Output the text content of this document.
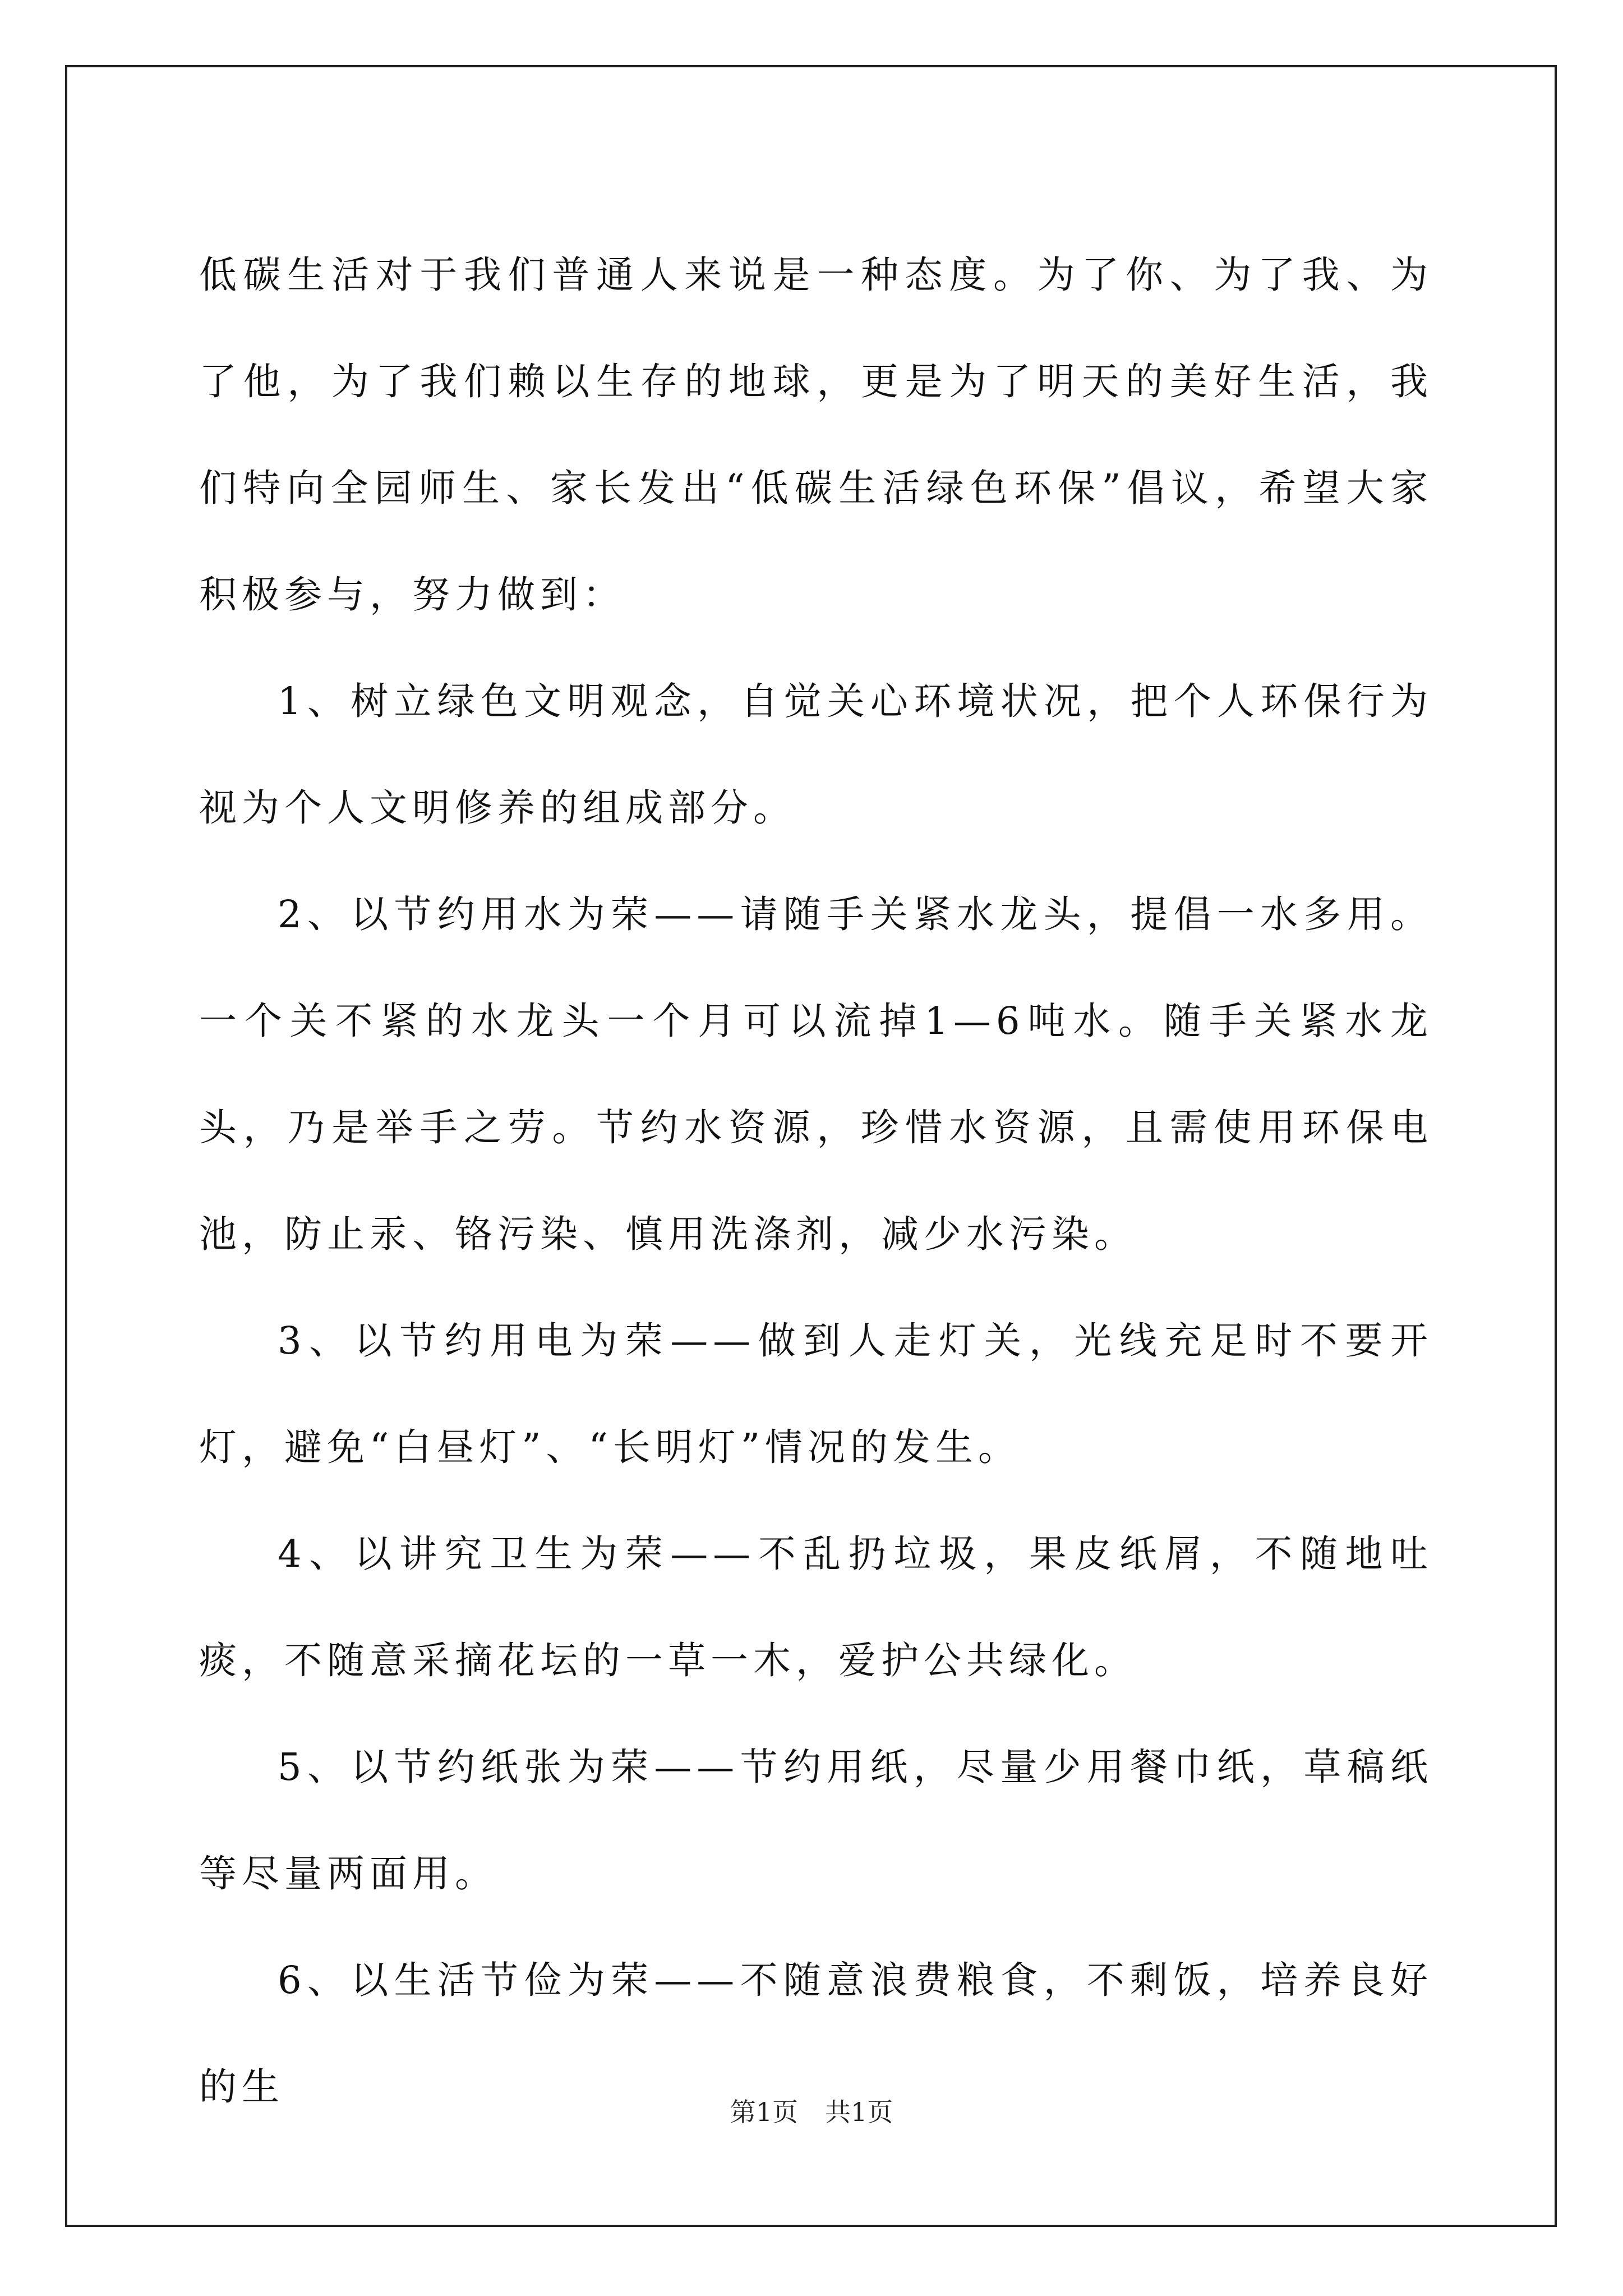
低碳生活对于我们普通人来说是一种态度。为了你、为了我、为了他，为了我们赖以生存的地球，更是为了明天的美好生活，我们特向全园师生、家长发出“低碳生活绿色环保”倡议，希望大家积极参与，努力做到：

1、树立绿色文明观念，自觉关心环境状况，把个人环保行为视为个人文明修养的组成部分。

2、以节约用水为荣——请随手关紧水龙头，提倡一水多用。一个关不紧的水龙头一个月可以流掉1—6吨水。随手关紧水龙头，乃是举手之劳。节约水资源，珍惜水资源，且需使用环保电池，防止汞、铬污染、慎用洗涤剂，减少水污染。

3、以节约用电为荣——做到人走灯关，光线充足时不要开灯，避免“白昼灯”、“长明灯”情况的发生。

4、以讲究卫生为荣——不乱扔垃圾，果皮纸屑，不随地吐痰，不随意采摘花坛的一草一木，爱护公共绿化。

5、以节约纸张为荣——节约用纸，尽量少用餐巾纸，草稿纸等尽量两面用。

6、以生活节俭为荣——不随意浪费粮食，不剩饭，培养良好的生

第1页 共1页
